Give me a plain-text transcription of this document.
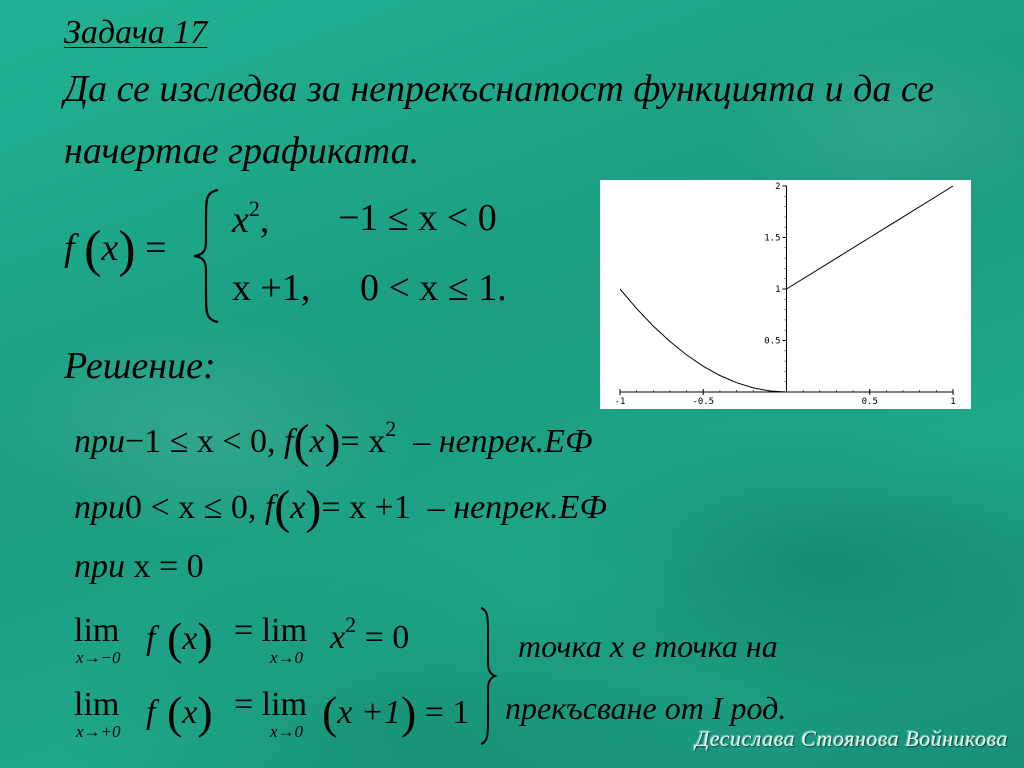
Задача 17
Да се изследва за непрекъснатост функцията и да се начертае графиката.
f (x) =
$x^2$, −1 ≤ x < 0
x +1, 0 < x ≤ 1.
-1	-0.5	0.5	1
0.5
1
1.5
2
Решение:
при−1 ≤ x < 0, $f(x)= x^2$ – непрек.ЕФ
при0 < x ≤ 0, f(x)= x +1 – непрек.ЕФ
при x = 0
lim
x→−0
f (x) = lim
x→0
$x^2 = 0$
lim
x→+0
f (x) = lim
x→0 (x +1) = 1
точка x е точка на
прекъсване от I род.
Десислава Стоянова Войникова
